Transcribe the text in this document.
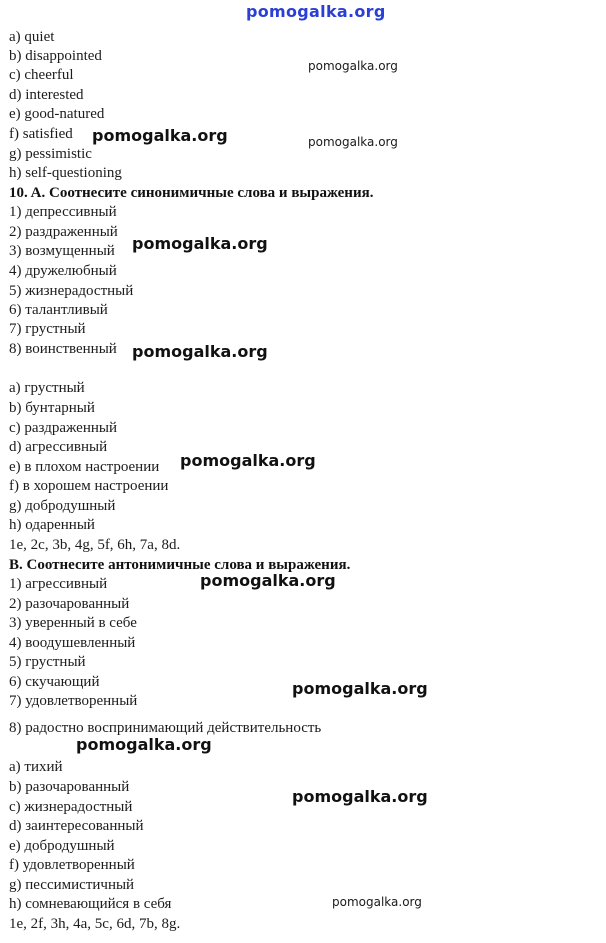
pomogalka.org
a) quiet
b) disappointed
c) cheerful
d) interested
e) good-natured
f) satisfied
g) pessimistic
h) self-questioning
10. A. Соотнесите синонимичные слова и выражения.
1) депрессивный
2) раздраженный
3) возмущенный
4) дружелюбный
5) жизнерадостный
6) талантливый
7) грустный
8) воинственный
a) грустный
b) бунтарный
c) раздраженный
d) агрессивный
e) в плохом настроении
f) в хорошем настроении
g) добродушный
h) одаренный
1e, 2c, 3b, 4g, 5f, 6h, 7a, 8d.
B. Соотнесите антонимичные слова и выражения.
1) агрессивный
2) разочарованный
3) уверенный в себе
4) воодушевленный
5) грустный
6) скучающий
7) удовлетворенный
8) радостно воспринимающий действительность
a) тихий
b) разочарованный
c) жизнерадостный
d) заинтересованный
e) добродушный
f) удовлетворенный
g) пессимистичный
h) сомневающийся в себя
1e, 2f, 3h, 4a, 5c, 6d, 7b, 8g.
pomogalka.org
pomogalka.org	pomogalka.org
pomogalka.org
pomogalka.org
pomogalka.org
pomogalka.org
pomogalka.org
pomogalka.org
pomogalka.org
pomogalka.org
